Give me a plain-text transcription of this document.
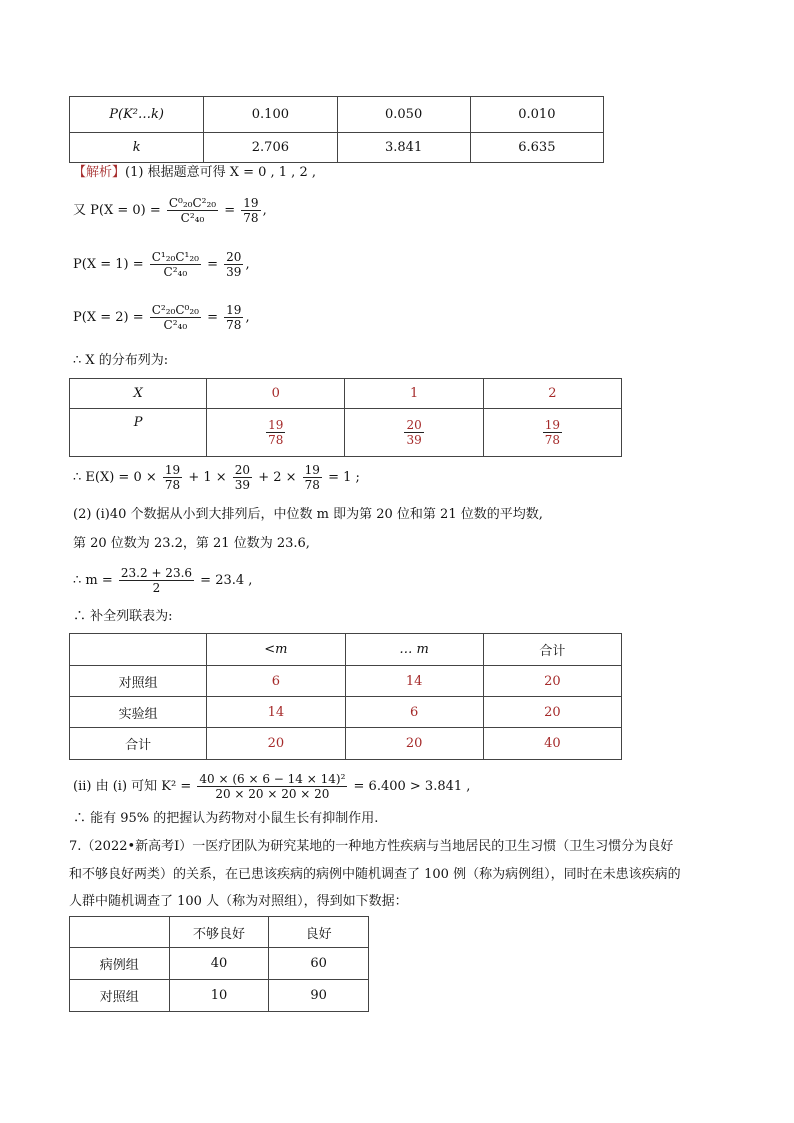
P(K²…k)	0.100	0.050	0.010
k	2.706	3.841	6.635
【解析】(1) 根据题意可得 X = 0 , 1 , 2 ,
又 $P(X = 0) = \frac{\text{C⁰₂₀C²₂₀}}{\text{C²₄₀}} = \frac{19}{78}$ ,
$P(X = 1) = \frac{\text{C¹₂₀C¹₂₀}}{\text{C²₄₀}} = \frac{20}{39}$ ,
$P(X = 2) = \frac{\text{C²₂₀C⁰₂₀}}{\text{C²₄₀}} = \frac{19}{78}$ ,
∴ X 的分布列为:
X	0	1	2
P	$\frac{19}{78}$	$\frac{20}{39}$	$\frac{19}{78}$
∴ $E(X) = 0 \times \frac{19}{78} + 1 \times \frac{20}{39} + 2 \times \frac{19}{78} = 1$ ;
(2) (i)40 个数据从小到大排列后，中位数 m 即为第 20 位和第 21 位数的平均数,
第 20 位数为 23.2，第 21 位数为 23.6,
∴ $m = \frac{23.2 + 23.6}{2} = 23.4$ ,
∴ 补全列联表为:
	<m	… m	合计
对照组	6	14	20
实验组	14	6	20
合计	20	20	40
(ii) 由 (i) 可知 $K^2 = \frac{\text{40 × (6 × 6 − 14 × 14)²}}{20 \times 20 \times 20 \times 20} = 6.400 > 3.841$ ,
∴ 能有 95% 的把握认为药物对小鼠生长有抑制作用.
7.（2022•新高考Ⅰ）一医疗团队为研究某地的一种地方性疾病与当地居民的卫生习惯（卫生习惯分为良好
和不够良好两类）的关系，在已患该疾病的病例中随机调查了 100 例（称为病例组），同时在未患该疾病的
人群中随机调查了 100 人（称为对照组），得到如下数据：
	不够良好	良好
病例组	40	60
对照组	10	90
